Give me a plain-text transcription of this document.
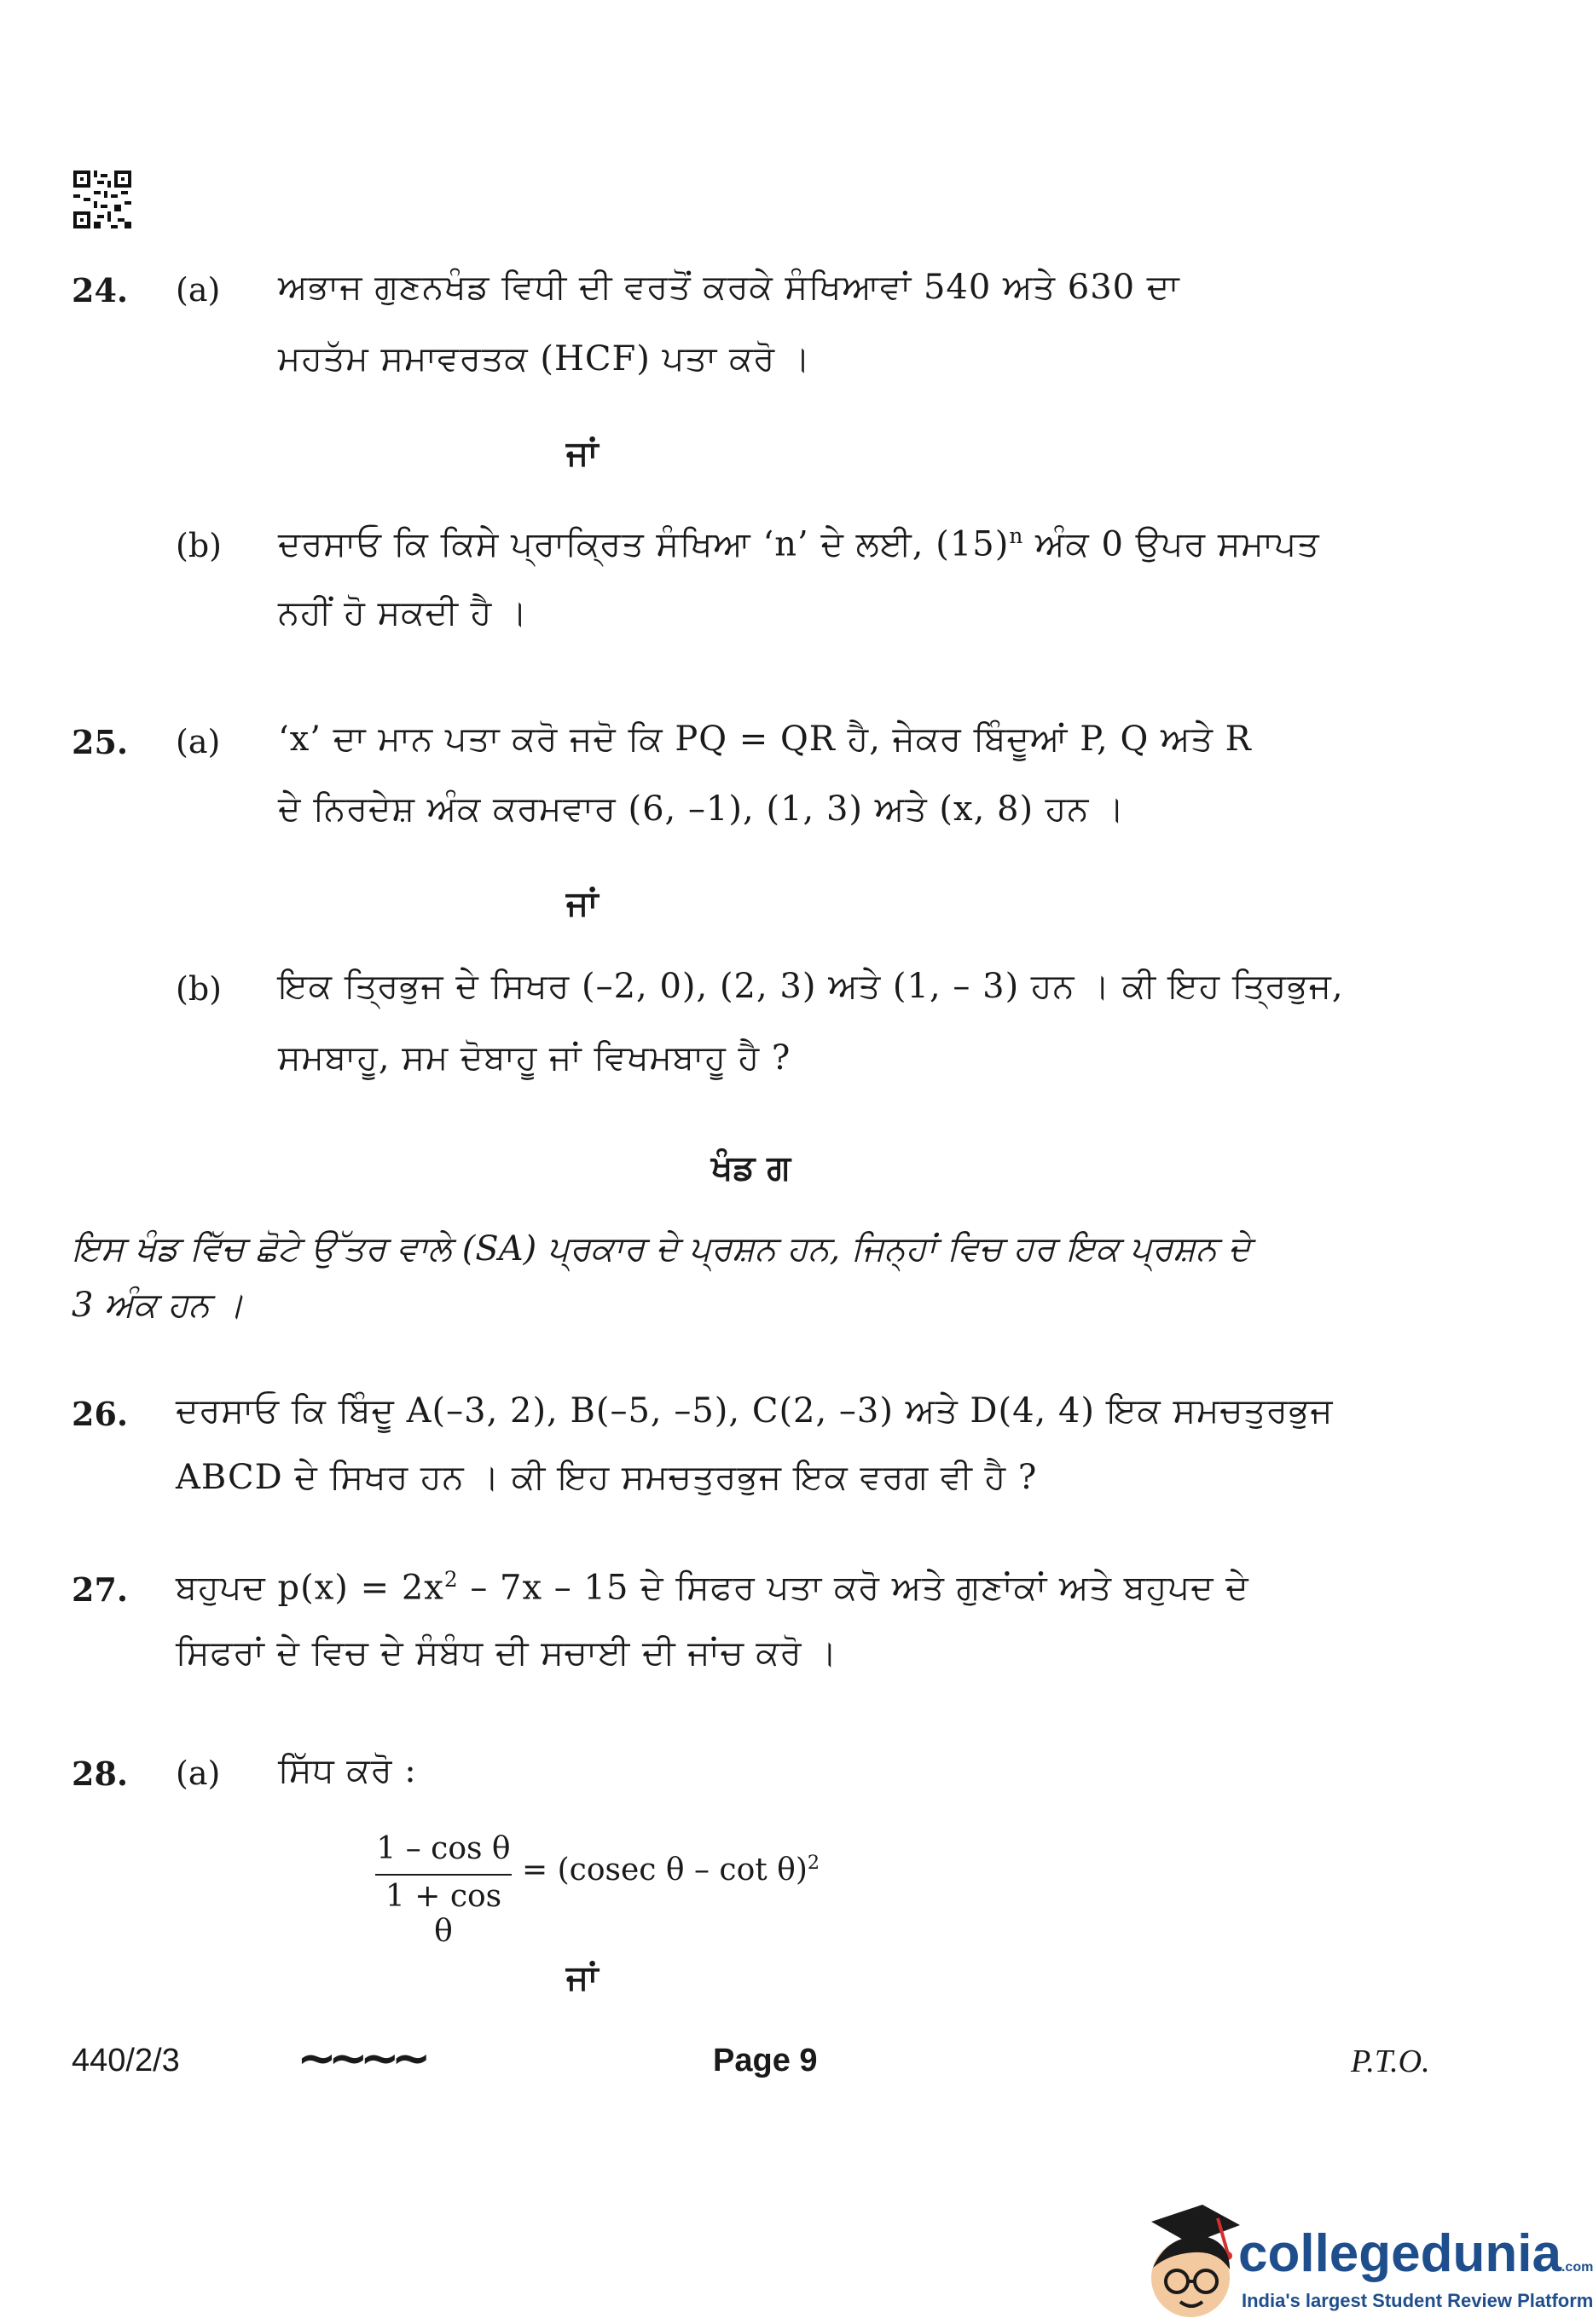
24. (a) ਅਭਾਜ ਗੁਣਨਖੰਡ ਵਿਧੀ ਦੀ ਵਰਤੋਂ ਕਰਕੇ ਸੰਖਿਆਵਾਂ 540 ਅਤੇ 630 ਦਾ
ਮਹਤੱਮ ਸਮਾਵਰਤਕ (HCF) ਪਤਾ ਕਰੋ ।
ਜਾਂ
(b) ਦਰਸਾਓ ਕਿ ਕਿਸੇ ਪ੍ਰਾਕ੍ਰਿਤ ਸੰਖਿਆ ‘n’ ਦੇ ਲਈ, $(15)^n$ ਅੰਕ 0 ਉਪਰ ਸਮਾਪਤ
ਨਹੀਂ ਹੋ ਸਕਦੀ ਹੈ ।
25. (a) ‘x’ ਦਾ ਮਾਨ ਪਤਾ ਕਰੋ ਜਦੋ ਕਿ PQ = QR ਹੈ, ਜੇਕਰ ਬਿੰਦੂਆਂ P, Q ਅਤੇ R
ਦੇ ਨਿਰਦੇਸ਼ ਅੰਕ ਕਰਮਵਾਰ (6, –1), (1, 3) ਅਤੇ (x, 8) ਹਨ ।
ਜਾਂ
(b) ਇਕ ਤ੍ਰਿਭੁਜ ਦੇ ਸਿਖਰ (–2, 0), (2, 3) ਅਤੇ (1, – 3) ਹਨ । ਕੀ ਇਹ ਤ੍ਰਿਭੁਜ,
ਸਮਬਾਹੂ, ਸਮ ਦੋਬਾਹੂ ਜਾਂ ਵਿਖਮਬਾਹੂ ਹੈ ?
ਖੰਡ ਗ
ਇਸ ਖੰਡ ਵਿੱਚ ਛੋਟੇ ਉੱਤਰ ਵਾਲੇ (SA) ਪ੍ਰਕਾਰ ਦੇ ਪ੍ਰਸ਼ਨ ਹਨ, ਜਿਨ੍ਹਾਂ ਵਿਚ ਹਰ ਇਕ ਪ੍ਰਸ਼ਨ ਦੇ
3 ਅੰਕ ਹਨ ।
26. ਦਰਸਾਓ ਕਿ ਬਿੰਦੂ A(–3, 2), B(–5, –5), C(2, –3) ਅਤੇ D(4, 4) ਇਕ ਸਮਚਤੁਰਭੁਜ
ABCD ਦੇ ਸਿਖਰ ਹਨ । ਕੀ ਇਹ ਸਮਚਤੁਰਭੁਜ ਇਕ ਵਰਗ ਵੀ ਹੈ ?
27. ਬਹੁਪਦ $p(x) = 2x^2 - 7x - 15$ ਦੇ ਸਿਫਰ ਪਤਾ ਕਰੋ ਅਤੇ ਗੁਣਾਂਕਾਂ ਅਤੇ ਬਹੁਪਦ ਦੇ
ਸਿਫਰਾਂ ਦੇ ਵਿਚ ਦੇ ਸੰਬੰਧ ਦੀ ਸਚਾਈ ਦੀ ਜਾਂਚ ਕਰੋ ।
28. (a) ਸਿੱਧ ਕਰੋ :
1 – cos θ
1 + cos θ
= (cosec θ – cot θ)$^2$
ਜਾਂ
440/2/3 ~~~~	Page 9	P.T.O.
collegedunia.com
India's largest Student Review Platform
